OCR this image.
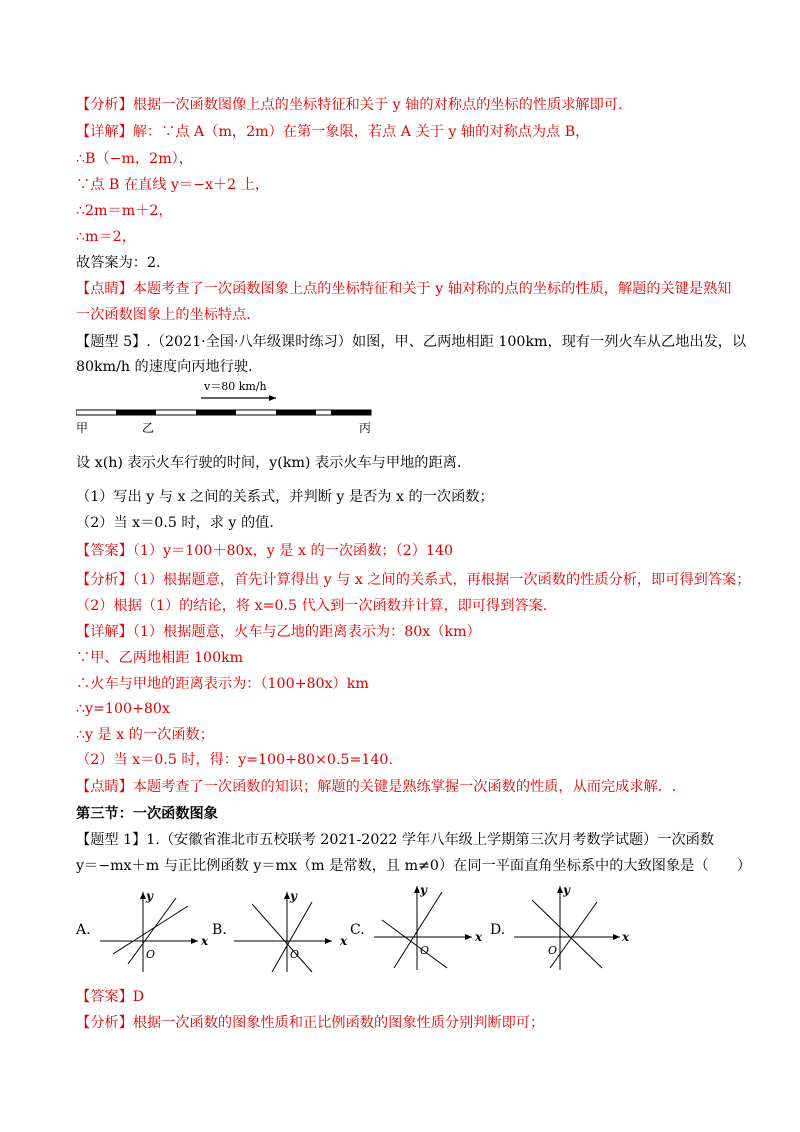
【分析】根据一次函数图像上点的坐标特征和关于 y 轴的对称点的坐标的性质求解即可.
【详解】解：∵点 A（m，2m）在第一象限，若点 A 关于 y 轴的对称点为点 B，
∴B（−m，2m），
∵点 B 在直线 y＝−x＋2 上，
∴2m＝m＋2，
∴m＝2，
故答案为：2.
【点睛】本题考查了一次函数图象上点的坐标特征和关于 y 轴对称的点的坐标的性质，解题的关键是熟知
一次函数图象上的坐标特点.
【题型 5】.（2021·全国·八年级课时练习）如图，甲、乙两地相距 100km，现有一列火车从乙地出发，以
80km/h 的速度向丙地行驶.
v＝80 km/h
甲	乙	丙
设 x(h) 表示火车行驶的时间，y(km) 表示火车与甲地的距离.
（1）写出 y 与 x 之间的关系式，并判断 y 是否为 x 的一次函数；
（2）当 x＝0.5 时，求 y 的值.
【答案】（1）y＝100＋80x，y 是 x 的一次函数；（2）140
【分析】（1）根据题意，首先计算得出 y 与 x 之间的关系式，再根据一次函数的性质分析，即可得到答案；
（2）根据（1）的结论，将 x=0.5 代入到一次函数并计算，即可得到答案.
【详解】（1）根据题意，火车与乙地的距离表示为：80x（km）
∵甲、乙两地相距 100km
∴火车与甲地的距离表示为：（100+80x）km
∴y=100+80x
∴y 是 x 的一次函数；
（2）当 x＝0.5 时，得：y=100+80×0.5=140.
【点睛】本题考查了一次函数的知识；解题的关键是熟练掌握一次函数的性质，从而完成求解．.
第三节：一次函数图象
【题型 1】1.（安徽省淮北市五校联考 2021-2022 学年八年级上学期第三次月考数学试题）一次函数
y＝−mx＋m 与正比例函数 y＝mx（m 是常数，且 m≠0）在同一平面直角坐标系中的大致图象是（　　）
A.
y
x
O
B.
y
x
O
C.
y
x
O
D.
y
x
O
【答案】D
【分析】根据一次函数的图象性质和正比例函数的图象性质分别判断即可；
